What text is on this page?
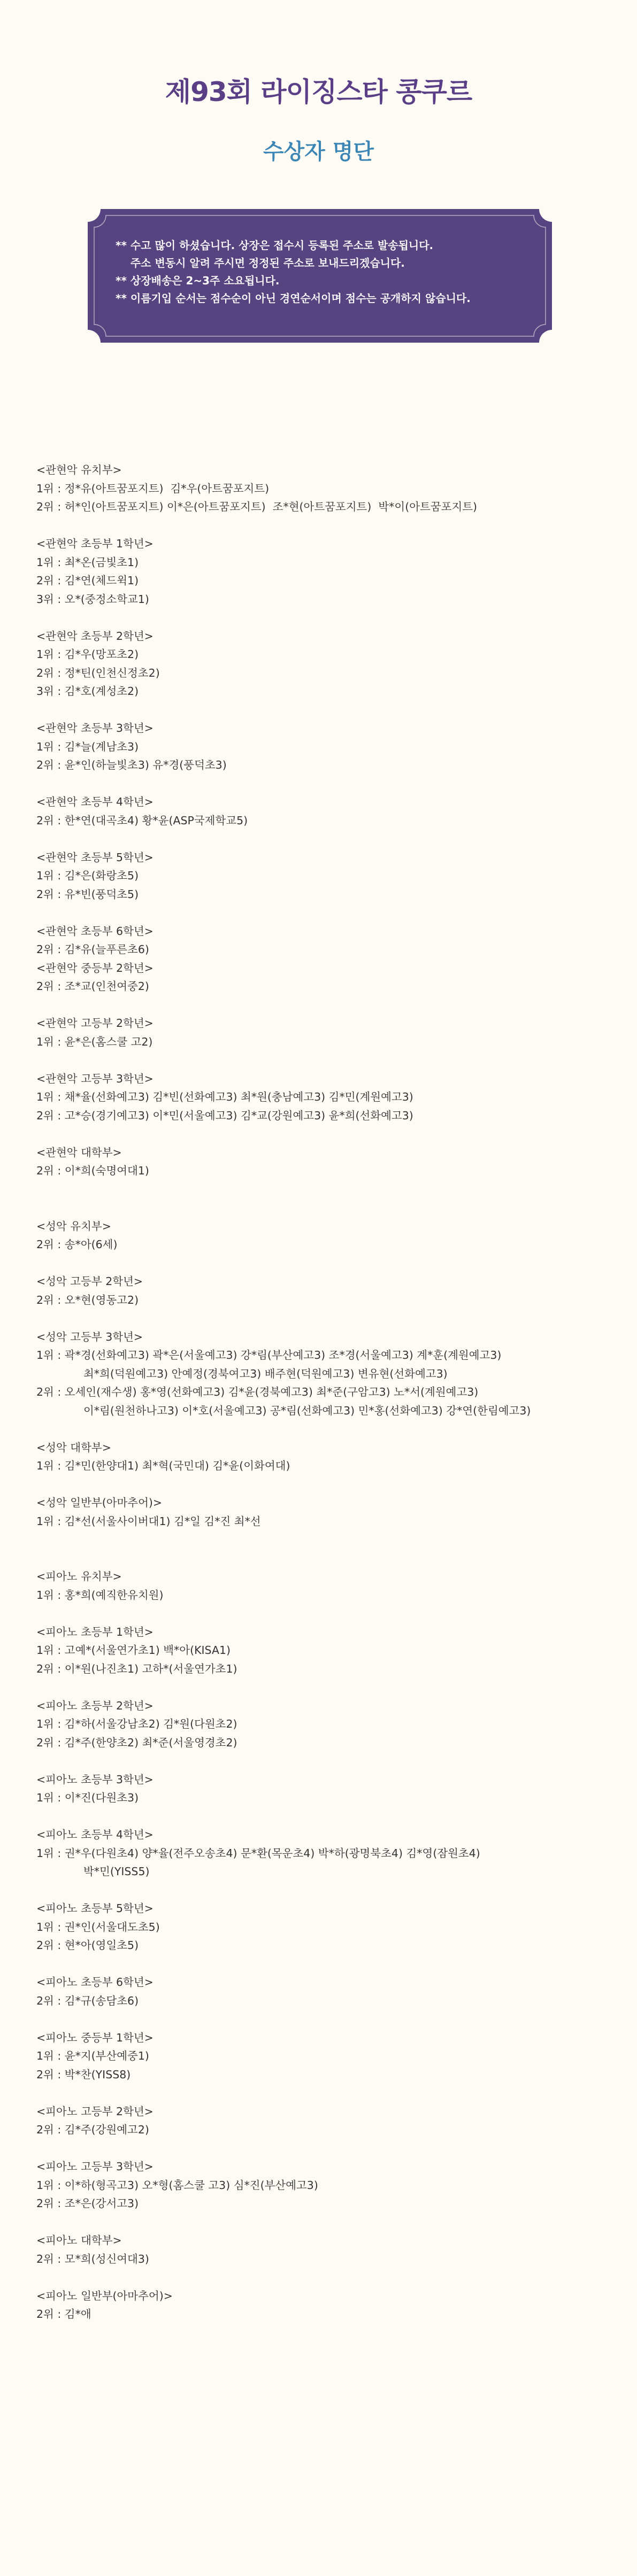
제93회 라이징스타 콩쿠르
수상자 명단
** 수고 많이 하셨습니다. 상장은 접수시 등록된 주소로 발송됩니다.
주소 변동시 알려 주시면 정정된 주소로 보내드리겠습니다.
** 상장배송은 2~3주 소요됩니다.
** 이름기입 순서는 점수순이 아닌 경연순서이며 점수는 공개하지 않습니다.
<관현악 유치부>
1위 : 정*유(아트꿈포지트)  김*우(아트꿈포지트)
2위 : 허*인(아트꿈포지트) 이*은(아트꿈포지트)  조*현(아트꿈포지트)  박*이(아트꿈포지트)
<관현악 초등부 1학년>
1위 : 최*온(금빛초1)
2위 : 김*연(체드윅1)
3위 : 오*(중정소학교1)
<관현악 초등부 2학년>
1위 : 김*우(망포초2)
2위 : 정*틴(인천신정초2)
3위 : 김*호(계성초2)
<관현악 초등부 3학년>
1위 : 김*늘(계남초3)
2위 : 윤*인(하늘빛초3) 유*경(풍덕초3)
<관현악 초등부 4학년>
2위 : 한*연(대곡초4) 황*윤(ASP국제학교5)
<관현악 초등부 5학년>
1위 : 김*은(화랑초5)
2위 : 유*빈(풍덕초5)
<관현악 초등부 6학년>
2위 : 김*유(늘푸른초6)
<관현악 중등부 2학년>
2위 : 조*교(인천여중2)
<관현악 고등부 2학년>
1위 : 윤*은(홈스쿨 고2)
<관현악 고등부 3학년>
1위 : 채*율(선화예고3) 김*빈(선화예고3) 최*원(충남예고3) 김*민(계원예고3)
2위 : 고*승(경기예고3) 이*민(서울예고3) 김*교(강원예고3) 윤*희(선화예고3)
<관현악 대학부>
2위 : 이*희(숙명여대1)
<성악 유치부>
2위 : 송*아(6세)
<성악 고등부 2학년>
2위 : 오*현(영동고2)
<성악 고등부 3학년>
1위 : 곽*경(선화예고3) 곽*은(서울예고3) 강*림(부산예고3) 조*경(서울예고3) 계*훈(계원예고3)
최*희(덕원예고3) 안예정(경북여고3) 배주현(덕원예고3) 변유현(선화예고3)
2위 : 오세인(재수생) 홍*영(선화예고3) 김*윤(경북예고3) 최*준(구암고3) 노*서(계원예고3)
이*림(원천하나고3) 이*호(서울예고3) 공*림(선화예고3) 민*홍(선화예고3) 강*연(한림예고3)
<성악 대학부>
1위 : 김*민(한양대1) 최*혁(국민대) 김*윤(이화여대)
<성악 일반부(아마추어)>
1위 : 김*선(서울사이버대1) 김*일 김*진 최*선
<피아노 유치부>
1위 : 홍*희(예직한유치원)
<피아노 초등부 1학년>
1위 : 고예*(서울연가초1) 백*아(KISA1)
2위 : 이*원(나진초1) 고하*(서울연가초1)
<피아노 초등부 2학년>
1위 : 김*하(서울강남초2) 김*원(다원초2)
2위 : 김*주(한양초2) 최*준(서울영경초2)
<피아노 초등부 3학년>
1위 : 이*진(다원초3)
<피아노 초등부 4학년>
1위 : 권*우(다원초4) 양*율(전주오송초4) 문*환(목운초4) 박*하(광명북초4) 김*영(잠원초4)
박*민(YISS5)
<피아노 초등부 5학년>
1위 : 권*인(서울대도초5)
2위 : 현*아(영일초5)
<피아노 초등부 6학년>
2위 : 김*규(송담초6)
<피아노 중등부 1학년>
1위 : 윤*지(부산예중1)
2위 : 박*찬(YISS8)
<피아노 고등부 2학년>
2위 : 김*주(강원예고2)
<피아노 고등부 3학년>
1위 : 이*하(형곡고3) 오*형(홈스쿨 고3) 심*진(부산예고3)
2위 : 조*은(강서고3)
<피아노 대학부>
2위 : 모*희(성신여대3)
<피아노 일반부(아마추어)>
2위 : 김*애
